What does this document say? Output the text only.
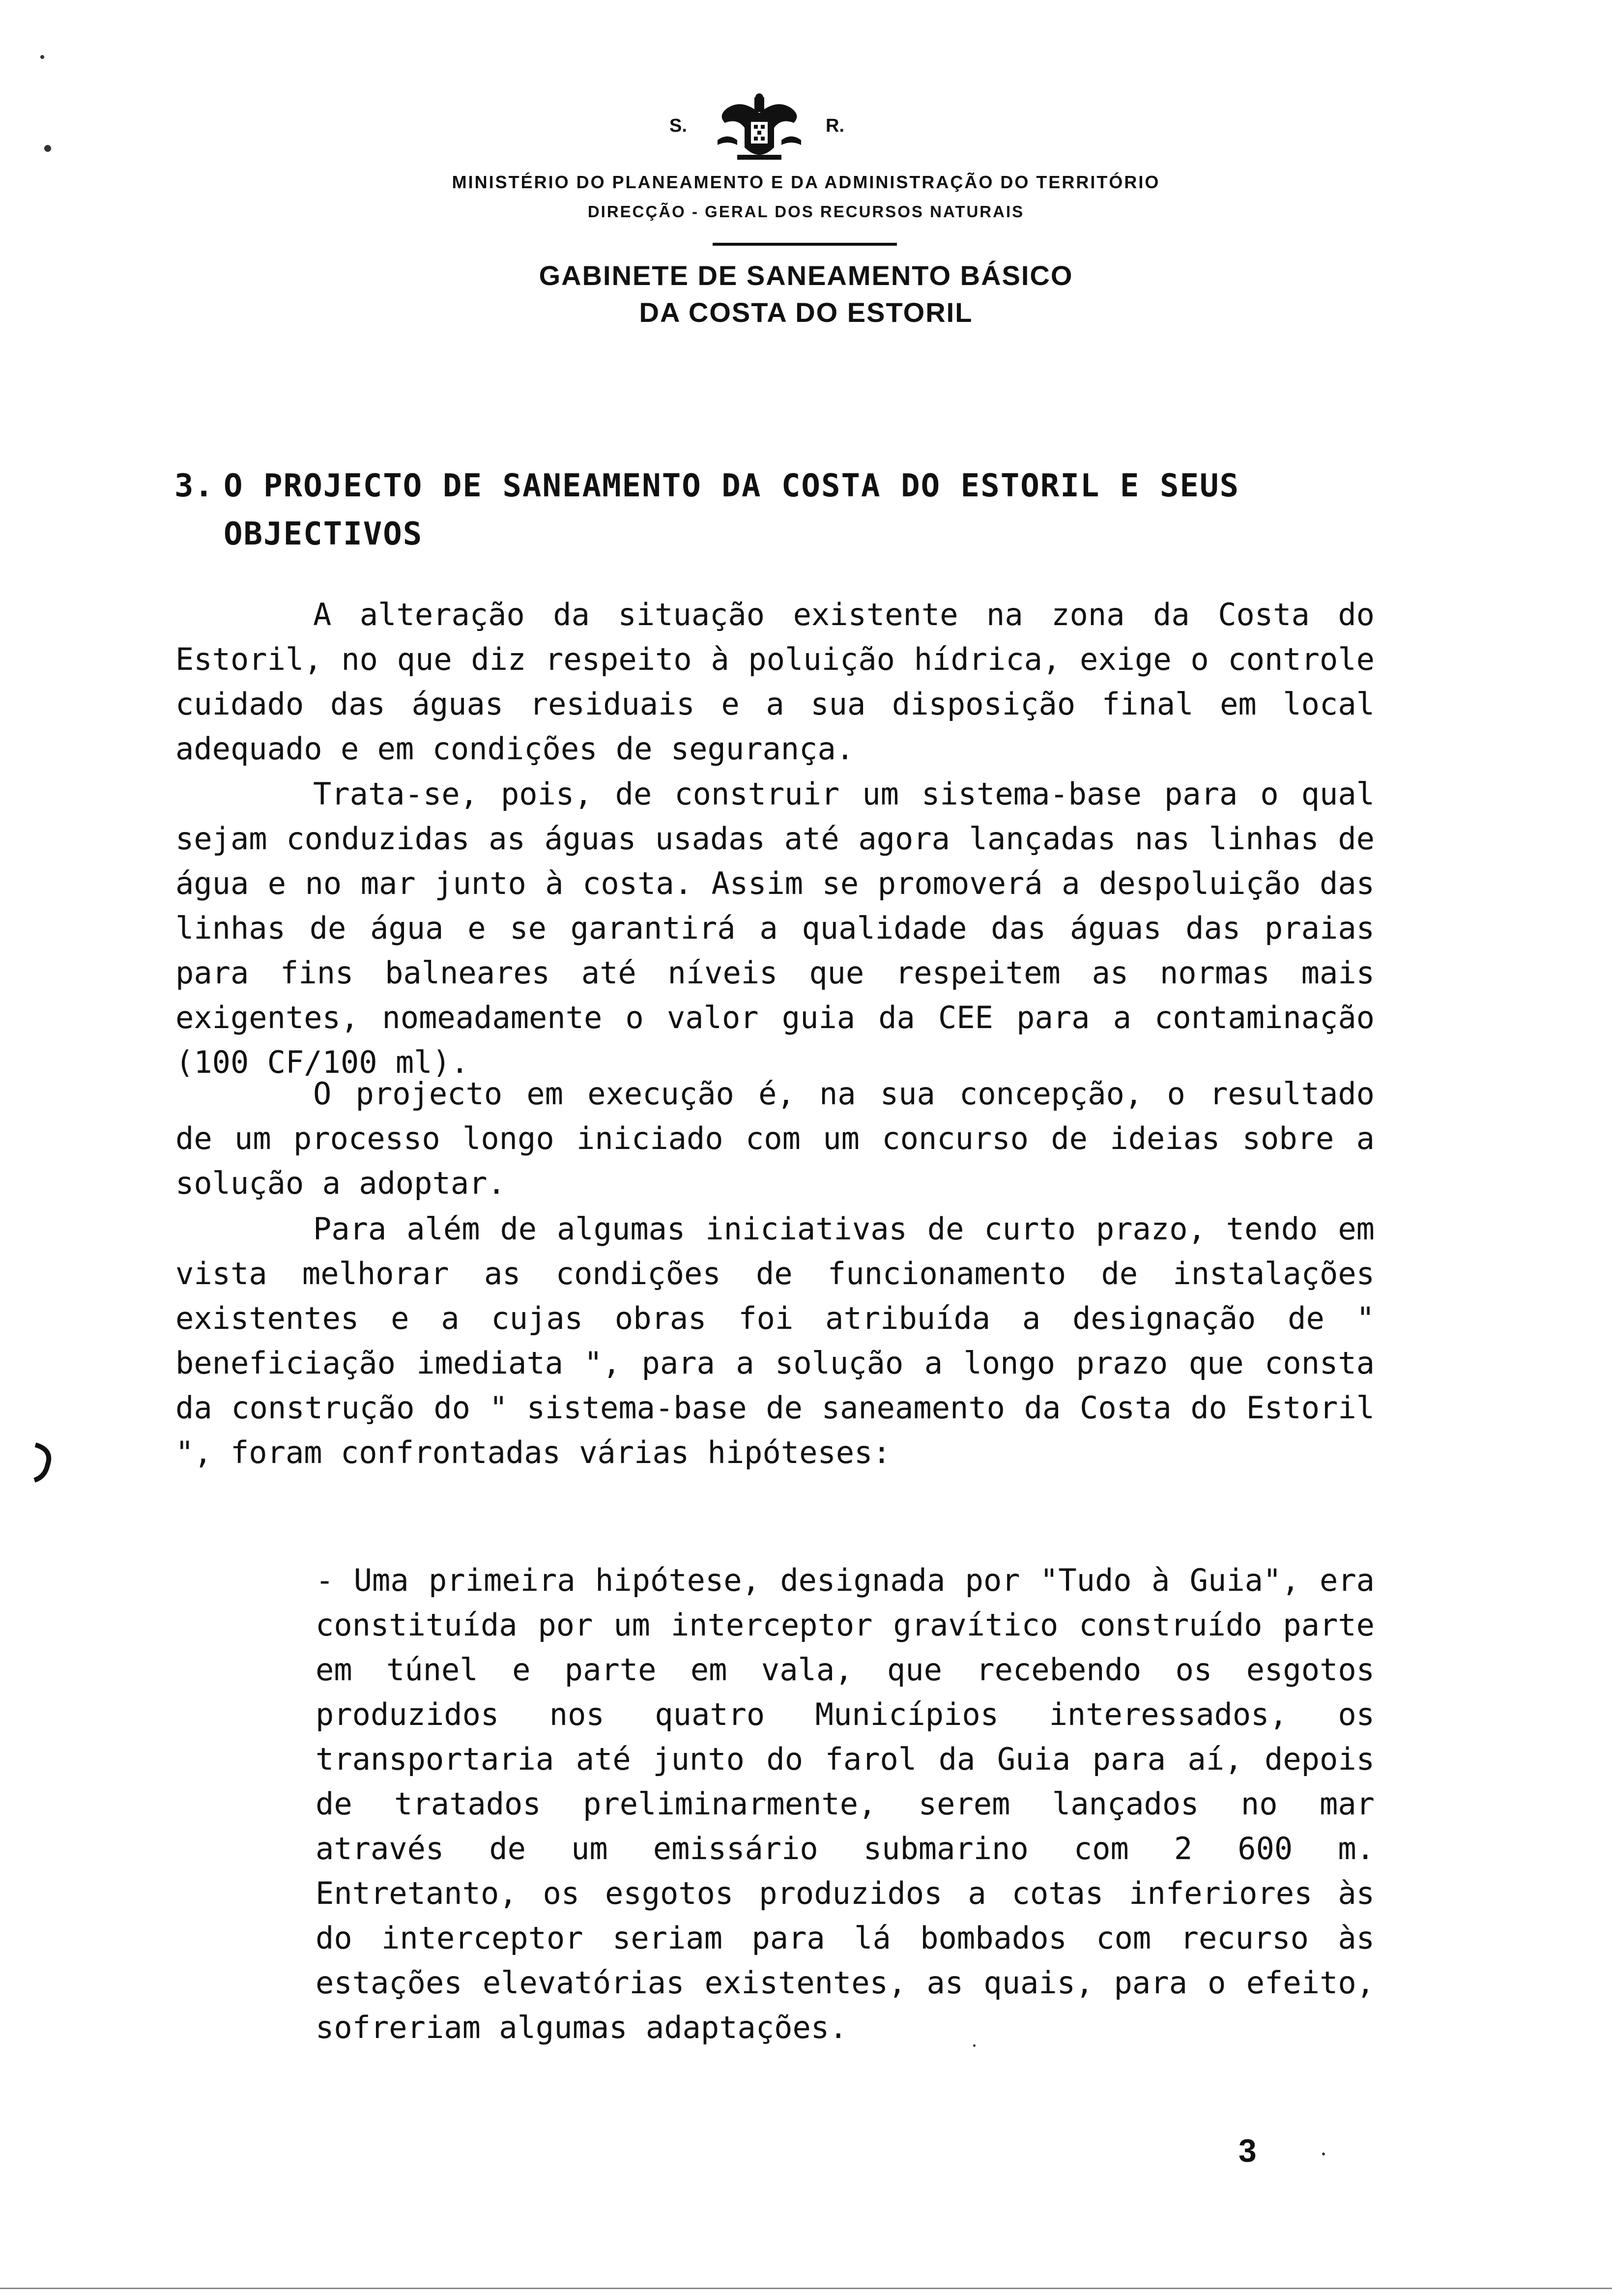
S.	R.
MINISTÉRIO DO PLANEAMENTO E DA ADMINISTRAÇÃO DO TERRITÓRIO
DIRECÇÃO - GERAL DOS RECURSOS NATURAIS
GABINETE DE SANEAMENTO BÁSICO
DA COSTA DO ESTORIL
3. O PROJECTO DE SANEAMENTO DA COSTA DO ESTORIL E SEUS
OBJECTIVOS
A alteração da situação existente na zona da Costa do Estoril, no que diz respeito à poluição hídrica, exige o controle cuidado das águas residuais e a sua disposição final em local adequado e em condições de segurança.
Trata-se, pois, de construir um sistema-base para o qual sejam conduzidas as águas usadas até agora lançadas nas linhas de água e no mar junto à costa. Assim se promoverá a despoluição das linhas de água e se garantirá a qualidade das águas das praias para fins balneares até níveis que respeitem as normas mais exigentes, nomeadamente o valor guia da CEE para a contaminação (100 CF/100 ml).
O projecto em execução é, na sua concepção, o resultado de um processo longo iniciado com um concurso de ideias sobre a solução a adoptar.
Para além de algumas iniciativas de curto prazo, tendo em vista melhorar as condições de funcionamento de instalações existentes e a cujas obras foi atribuída a designação de " beneficiação imediata ", para a solução a longo prazo que consta da construção do " sistema-base de saneamento da Costa do Estoril ", foram confrontadas várias hipóteses:
- Uma primeira hipótese, designada por "Tudo à Guia", era constituída por um interceptor gravítico construído parte em túnel e parte em vala, que recebendo os esgotos produzidos nos quatro Municípios interessados, os transportaria até junto do farol da Guia para aí, depois de tratados preliminarmente, serem lançados no mar através de um emissário submarino com 2 600 m. Entretanto, os esgotos produzidos a cotas inferiores às do interceptor seriam para lá bombados com recurso às estações elevatórias existentes, as quais, para o efeito, sofreriam algumas adaptações.
3
